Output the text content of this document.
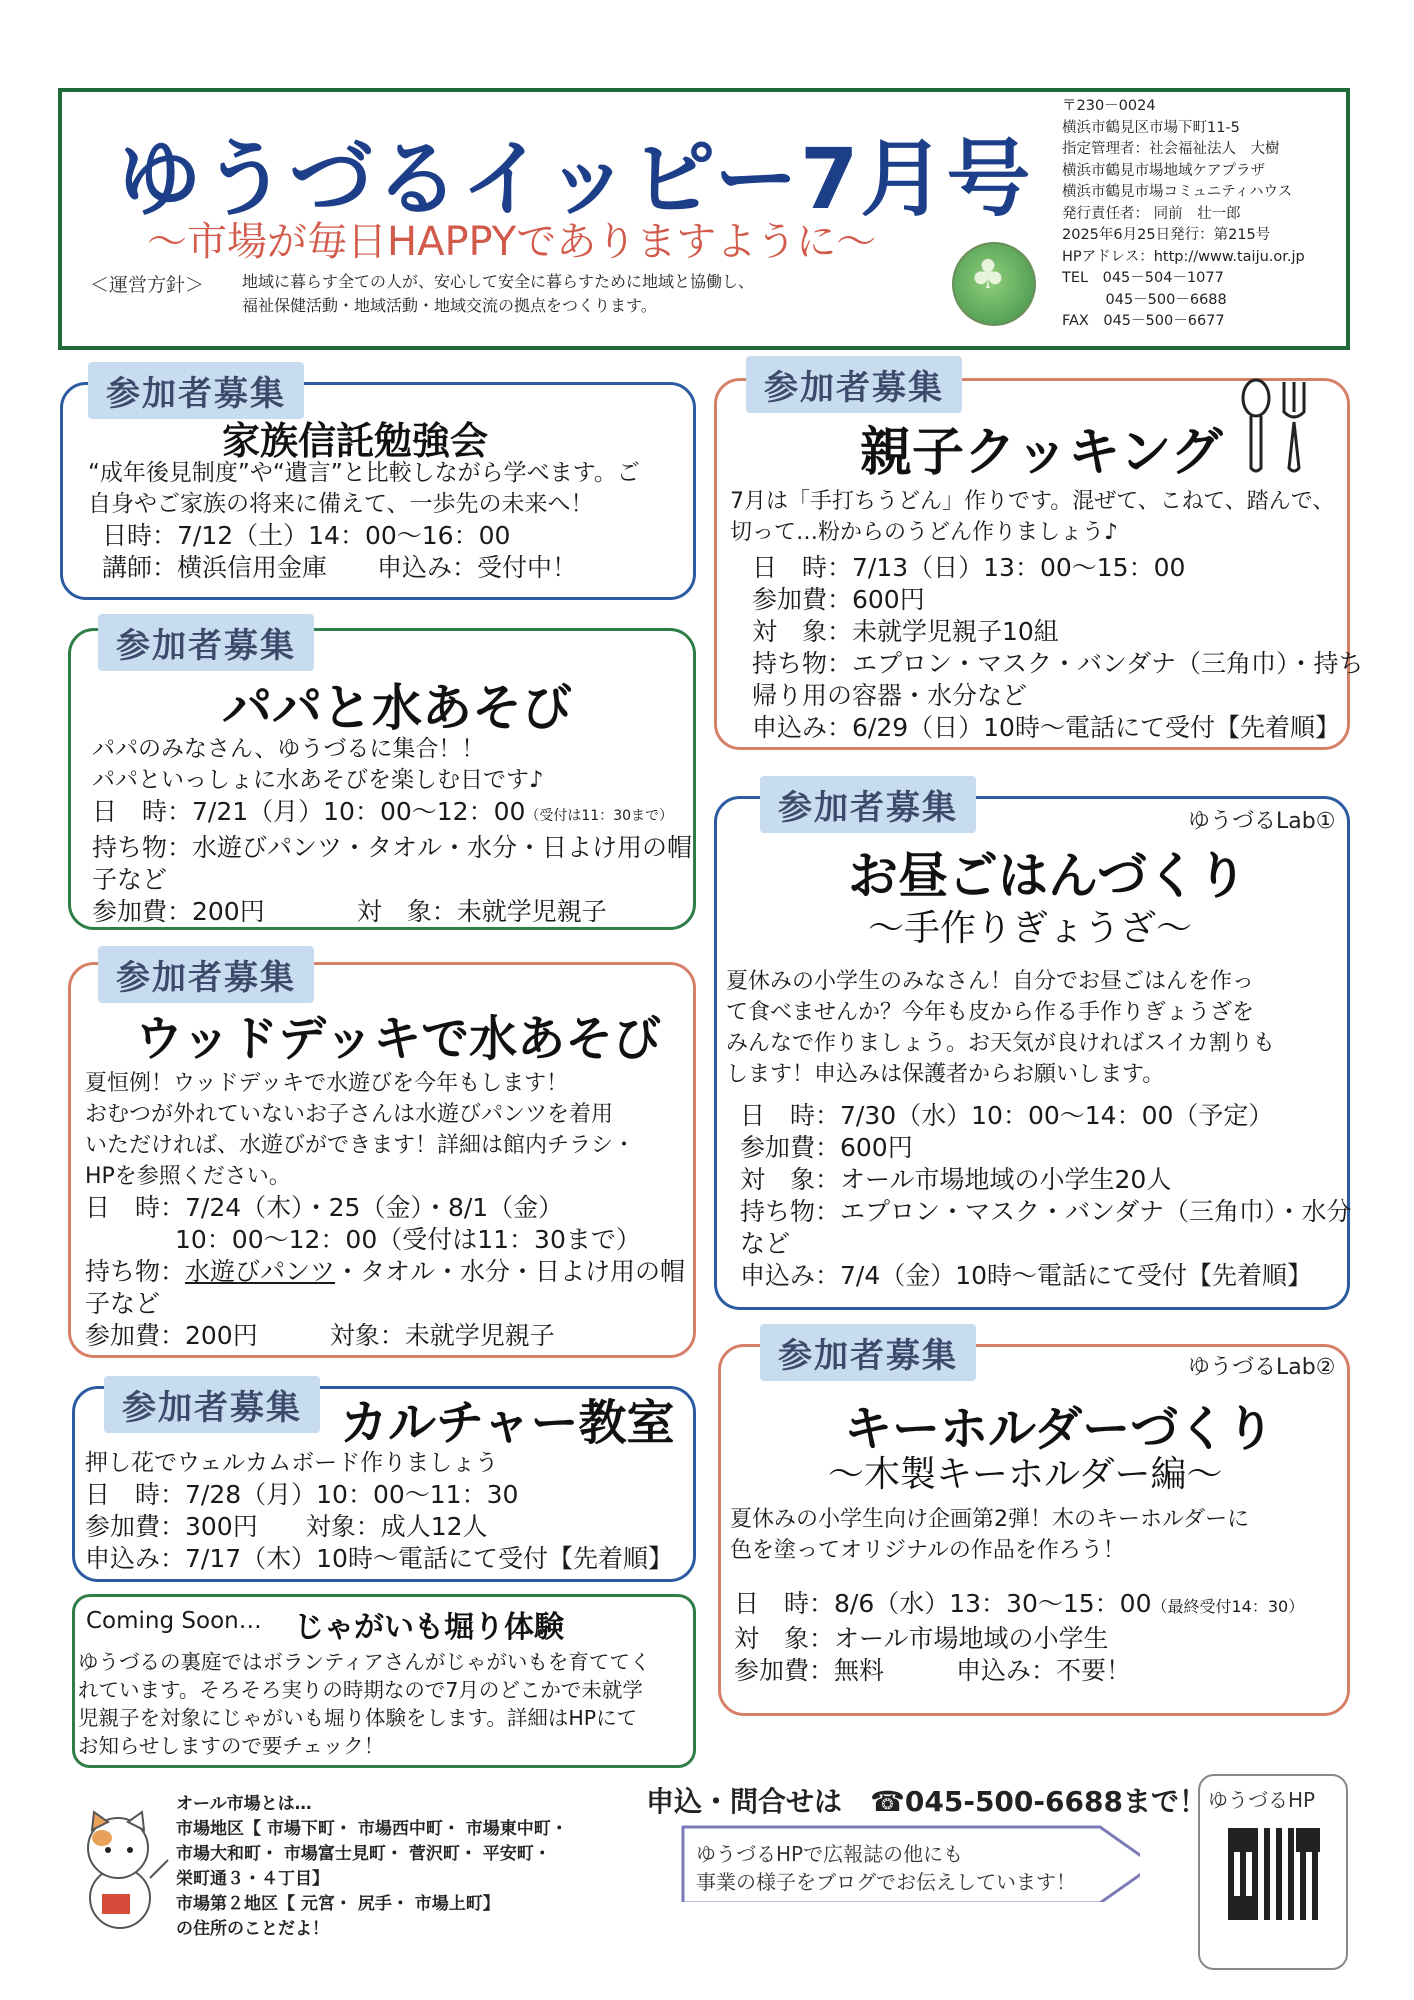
ゆうづるイッピー7月号
～市場が毎日HAPPYでありますように～
＜運営方針＞ 地域に暮らす全ての人が、安心して安全に暮らすために地域と協働し、
福祉保健活動・地域活動・地域交流の拠点をつくります。
♣
〒230－0024
横浜市鶴見区市場下町11-5
指定管理者：社会福祉法人　大樹
横浜市鶴見市場地域ケアプラザ
横浜市鶴見市場コミュニティハウス
発行責任者： 同前　壮一郎
2025年6月25日発行：第215号
HPアドレス：http://www.taiju.or.jp
TEL　045－504－1077
　　　045－500－6688
FAX　045－500－6677
参加者募集
家族信託勉強会
“成年後見制度”や“遺言”と比較しながら学べます。ご
自身やご家族の将来に備えて、一歩先の未来へ！
日時：7/12（土）14：00～16：00
講師：横浜信用金庫　　申込み：受付中！
参加者募集
パパと水あそび
パパのみなさん、ゆうづるに集合！！
パパといっしょに水あそびを楽しむ日です♪
日　時：7/21（月）10：00～12：00（受付は11：30まで）
持ち物：水遊びパンツ・タオル・水分・日よけ用の帽
子など
参加費：200円	対　象：未就学児親子
参加者募集
ウッドデッキで水あそび
夏恒例！ウッドデッキで水遊びを今年もします！
おむつが外れていないお子さんは水遊びパンツを着用
いただければ、水遊びができます！詳細は館内チラシ・
HPを参照ください。
日　時：7/24（木）・25（金）・8/1（金）
10：00～12：00（受付は11：30まで）
持ち物：水遊びパンツ・タオル・水分・日よけ用の帽
子など
参加費：200円	対象：未就学児親子
参加者募集 カルチャー教室
押し花でウェルカムボード作りましょう
日　時：7/28（月）10：00～11：30
参加費：300円 対象：成人12人
申込み：7/17（木）10時～電話にて受付【先着順】
Coming Soon… じゃがいも堀り体験
ゆうづるの裏庭ではボランティアさんがじゃがいもを育ててく
れています。そろそろ実りの時期なので7月のどこかで未就学
児親子を対象にじゃがいも堀り体験をします。詳細はHPにて
お知らせしますので要チェック！
参加者募集
親子クッキング
7月は「手打ちうどん」作りです。混ぜて、こねて、踏んで、
切って…粉からのうどん作りましょう♪
日　時：7/13（日）13：00～15：00
参加費：600円
対　象：未就学児親子10組
持ち物：エプロン・マスク・バンダナ（三角巾）・持ち
帰り用の容器・水分など
申込み：6/29（日）10時～電話にて受付【先着順】
参加者募集	ゆうづるLab①
お昼ごはんづくり
～手作りぎょうざ～
夏休みの小学生のみなさん！自分でお昼ごはんを作っ
て食べませんか？今年も皮から作る手作りぎょうざを
みんなで作りましょう。お天気が良ければスイカ割りも
します！申込みは保護者からお願いします。
日　時：7/30（水）10：00～14：00（予定）
参加費：600円
対　象：オール市場地域の小学生20人
持ち物：エプロン・マスク・バンダナ（三角巾）・水分
など
申込み：7/4（金）10時～電話にて受付【先着順】
参加者募集	ゆうづるLab②
キーホルダーづくり
～木製キーホルダー編～
夏休みの小学生向け企画第2弾！木のキーホルダーに
色を塗ってオリジナルの作品を作ろう！
日　時：8/6（水）13：30～15：00（最終受付14：30）
対　象：オール市場地域の小学生
参加費：無料	申込み：不要！
オール市場とは…
市場地区【 市場下町・ 市場西中町・ 市場東中町・
市場大和町・ 市場富士見町・ 菅沢町・ 平安町・
栄町通３・４丁目】
市場第２地区【 元宮・ 尻手・ 市場上町】
の住所のことだよ！
申込・問合せは　☎045-500-6688まで！
ゆうづるHPで広報誌の他にも
事業の様子をブログでお伝えしています！
ゆうづるHP
